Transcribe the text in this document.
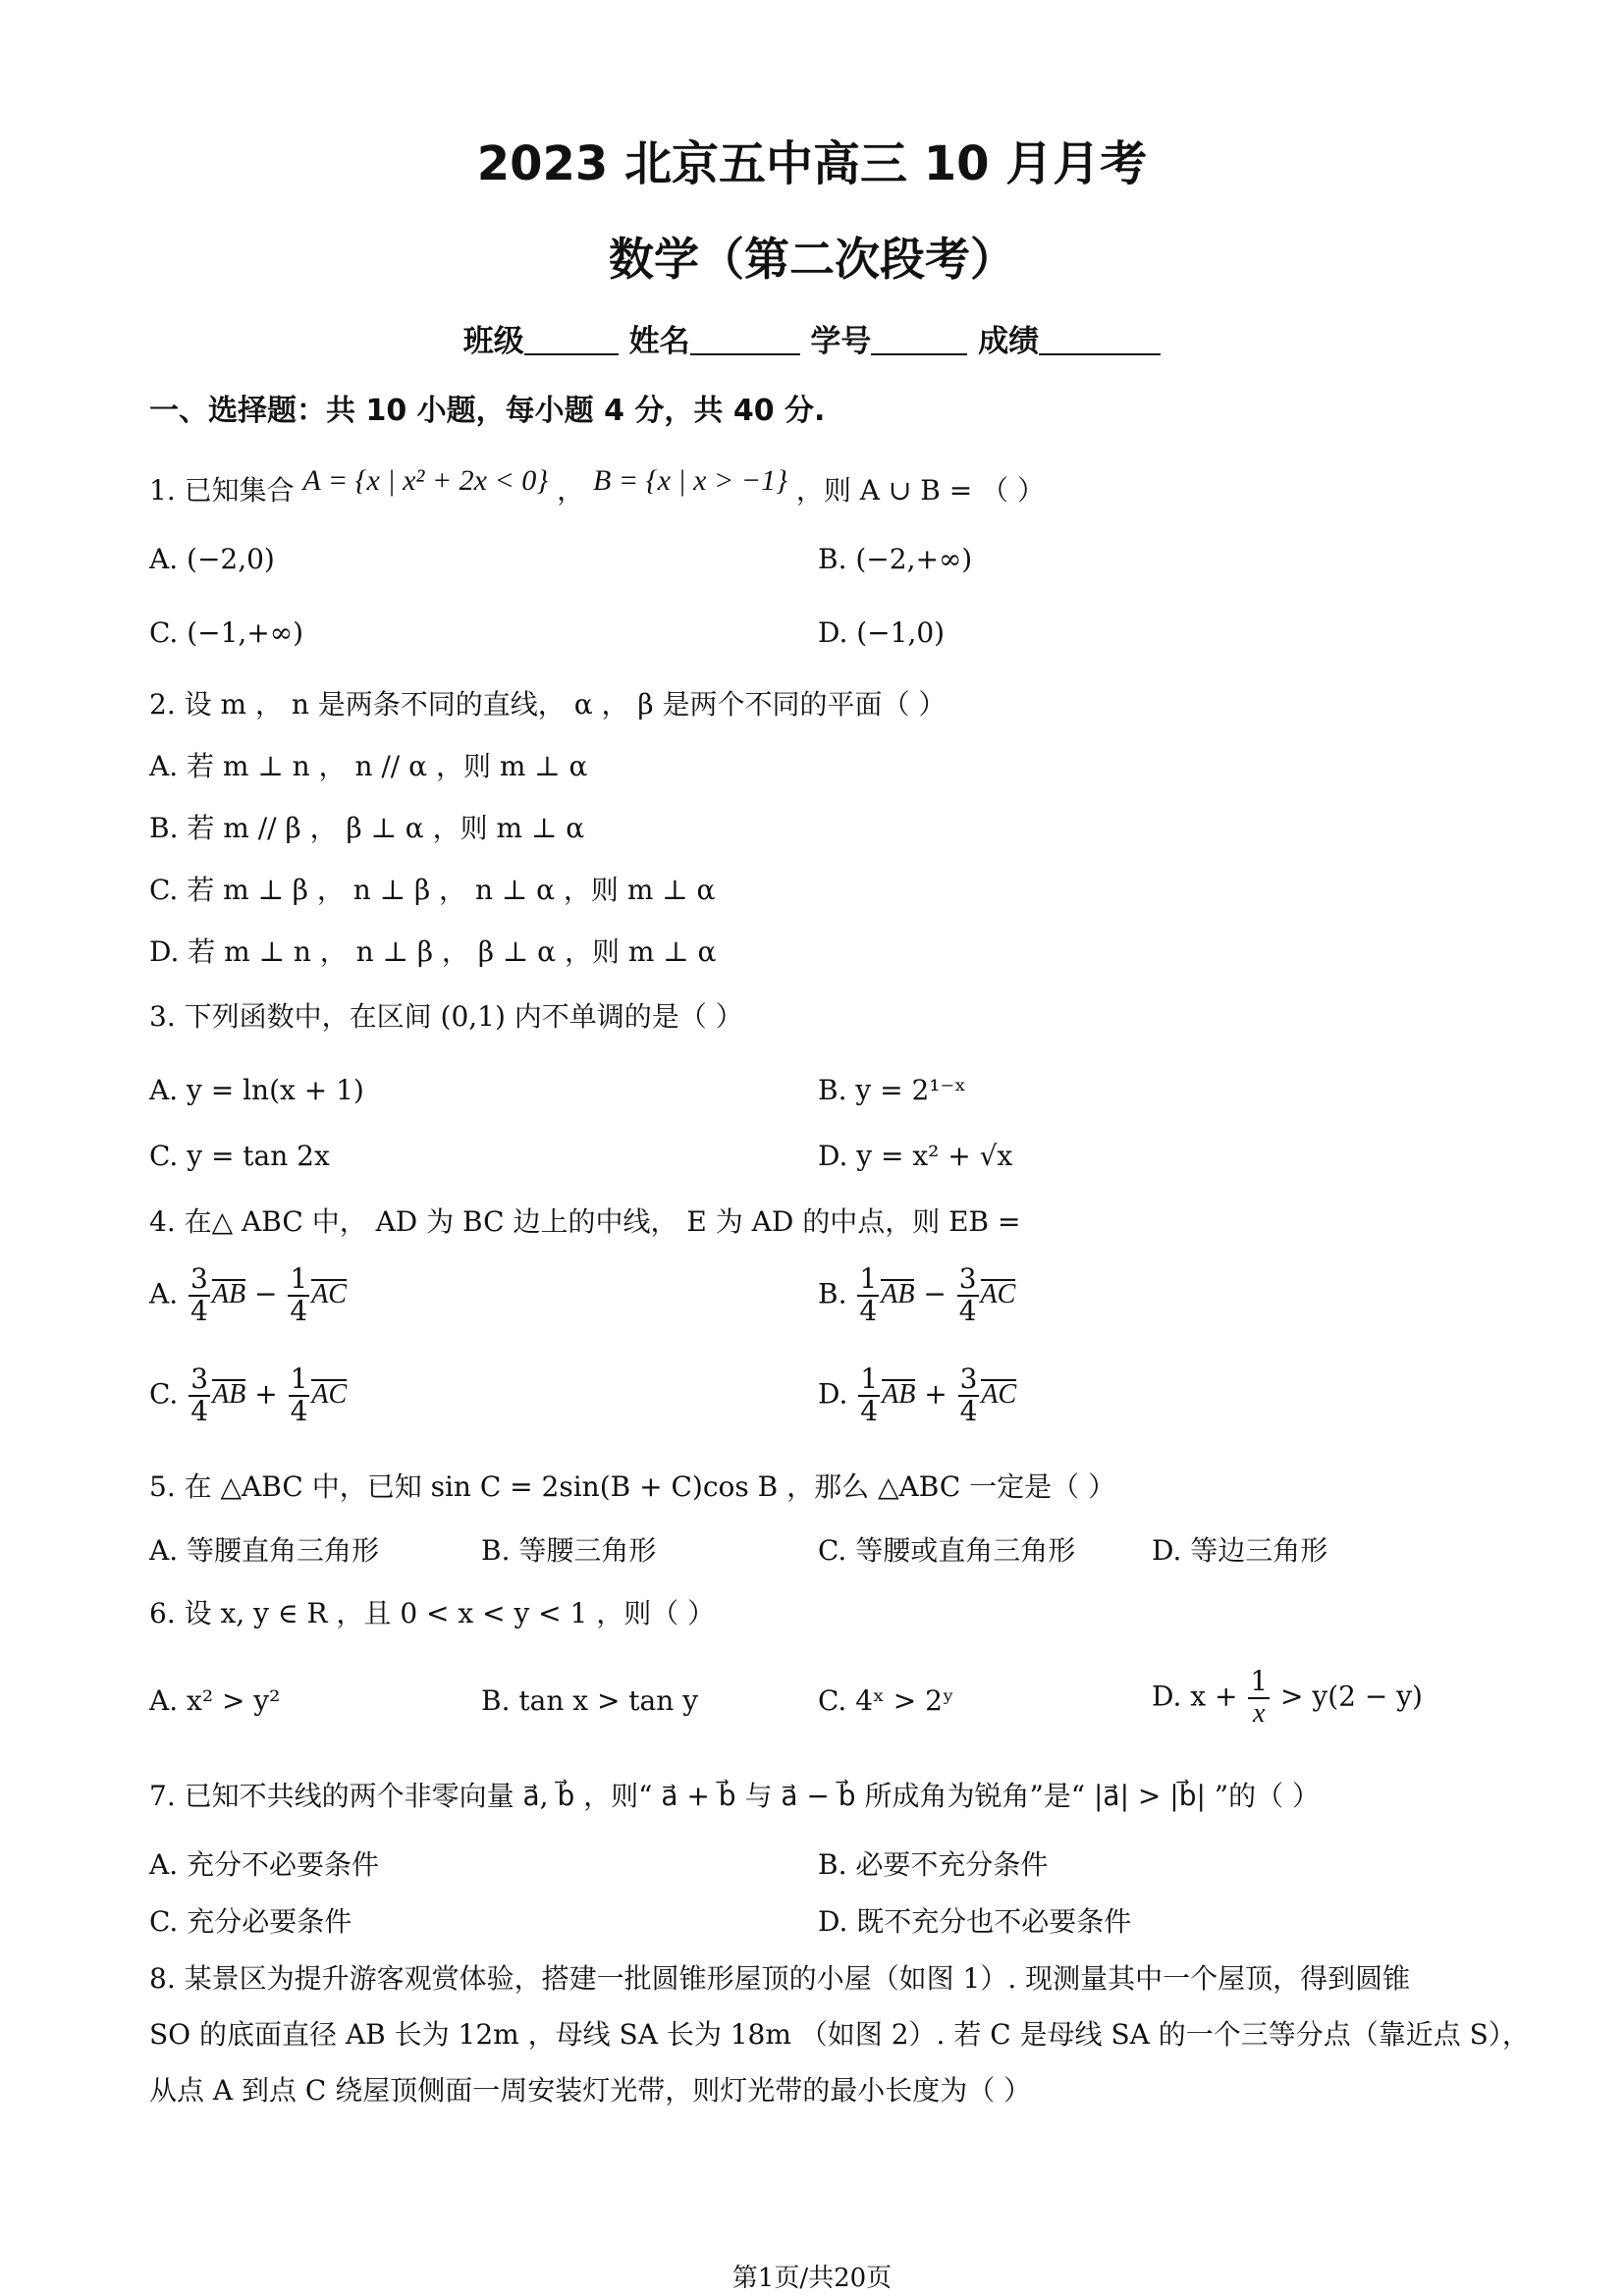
2023 北京五中高三 10 月月考
数学（第二次段考）
班级	姓名	学号	成绩
一、选择题：共 10 小题，每小题 4 分，共 40 分.
1. 已知集合 A = {x | x² + 2x < 0} ， B = {x | x > −1} ，则 A ∪ B = （ ）
A. (−2,0)	B. (−2,+∞)
C. (−1,+∞)	D. (−1,0)
2. 设 m ， n 是两条不同的直线， α ， β 是两个不同的平面（ ）
A. 若 m ⊥ n ， n // α ，则 m ⊥ α
B. 若 m // β ， β ⊥ α ，则 m ⊥ α
C. 若 m ⊥ β ， n ⊥ β ， n ⊥ α ，则 m ⊥ α
D. 若 m ⊥ n ， n ⊥ β ， β ⊥ α ，则 m ⊥ α
3. 下列函数中，在区间 (0,1) 内不单调的是（ ）
A. y = ln(x + 1)	B. y = 2¹⁻ˣ
C. y = tan 2x	D. y = x² + √x
4. 在△ ABC 中， AD 为 BC 边上的中线， E 为 AD 的中点，则 EB =
A. $\frac{3}{4}$ AB − $\frac{1}{4}$ AC	B. $\frac{1}{4}$ AB − $\frac{3}{4}$ AC
C. $\frac{3}{4}$ AB + $\frac{1}{4}$ AC	D. $\frac{1}{4}$ AB + $\frac{3}{4}$ AC
5. 在 △ABC 中，已知 sin C = 2sin(B + C)cos B ，那么 △ABC 一定是（ ）
A. 等腰直角三角形	B. 等腰三角形	C. 等腰或直角三角形	D. 等边三角形
6. 设 x, y ∈ R ，且 0 < x < y < 1 ，则（ ）
A. x² > y²	B. tan x > tan y	C. 4ˣ > 2ʸ	D. $x + \frac{1}{x} > y(2 - y)$
7. 已知不共线的两个非零向量 a⃗, b⃗ ，则“ a⃗ + b⃗ 与 a⃗ − b⃗ 所成角为锐角”是“ |a⃗| > |b⃗| ”的（ ）
A. 充分不必要条件	B. 必要不充分条件
C. 充分必要条件	D. 既不充分也不必要条件
8. 某景区为提升游客观赏体验，搭建一批圆锥形屋顶的小屋（如图 1）. 现测量其中一个屋顶，得到圆锥
SO 的底面直径 AB 长为 12m ，母线 SA 长为 18m （如图 2）. 若 C 是母线 SA 的一个三等分点（靠近点 S），
从点 A 到点 C 绕屋顶侧面一周安装灯光带，则灯光带的最小长度为（ ）
第1页/共20页
